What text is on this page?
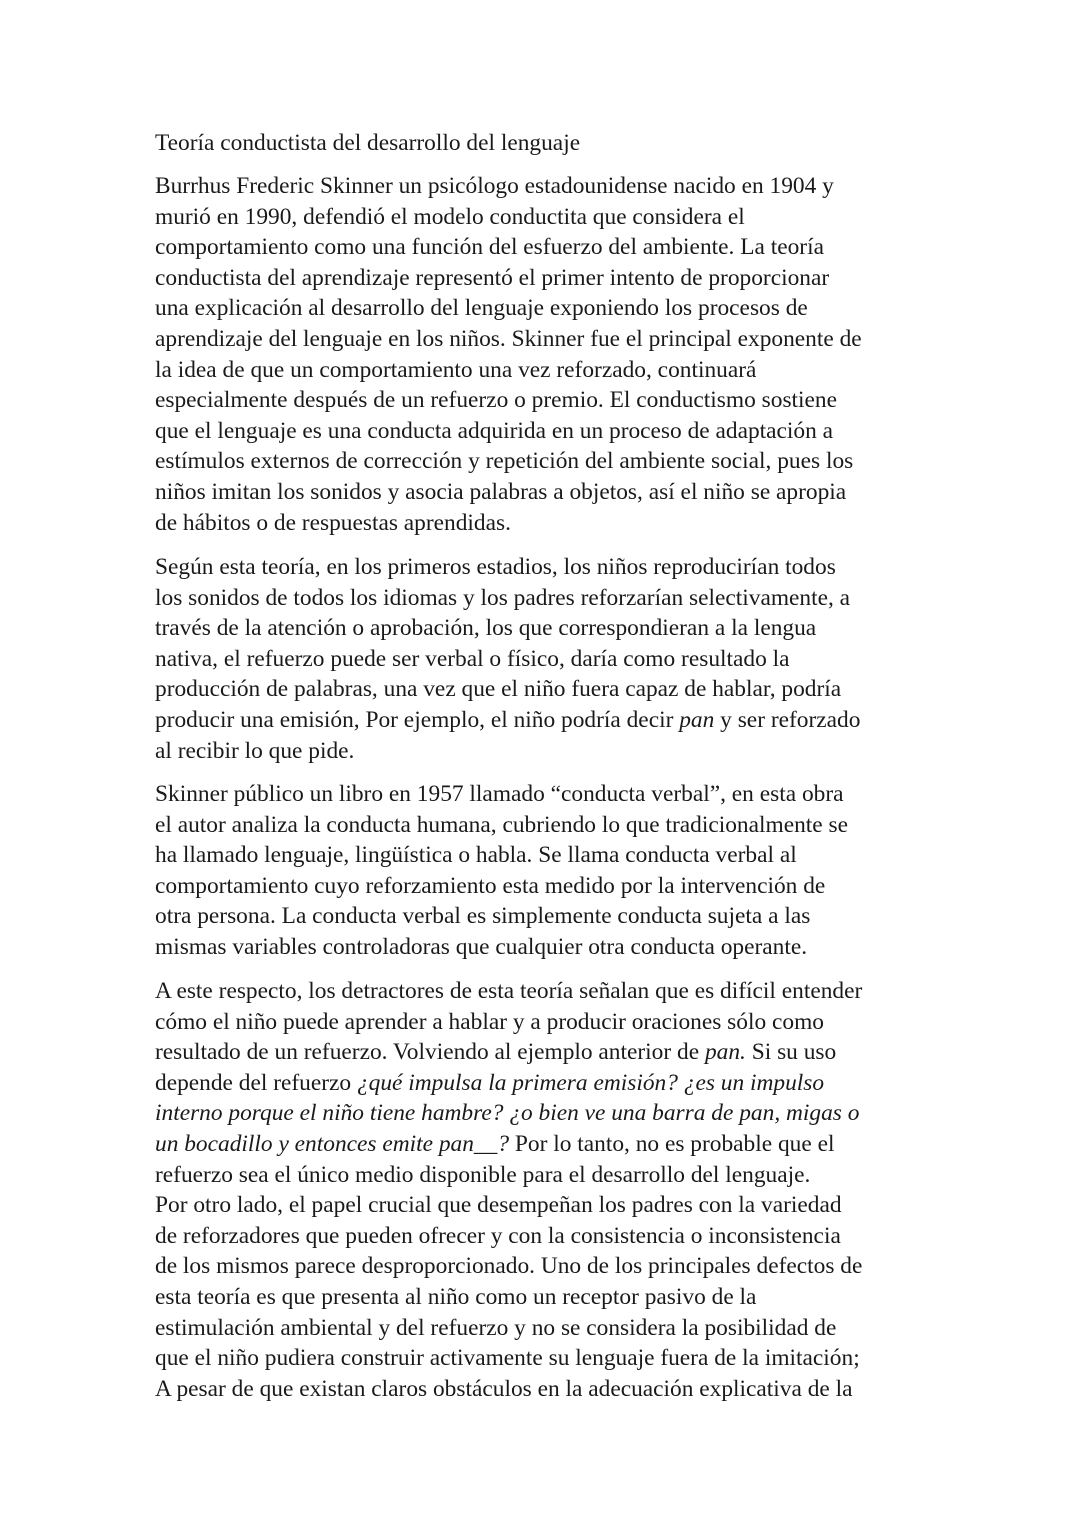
Teoría conductista del desarrollo del lenguaje
Burrhus Frederic Skinner un psicólogo estadounidense nacido en 1904 y
murió en 1990, defendió el modelo conductita que considera el
comportamiento como una función del esfuerzo del ambiente. La teoría
conductista del aprendizaje representó el primer intento de proporcionar
una explicación al desarrollo del lenguaje exponiendo los procesos de
aprendizaje del lenguaje en los niños. Skinner fue el principal exponente de
la idea de que un comportamiento una vez reforzado, continuará
especialmente después de un refuerzo o premio. El conductismo sostiene
que el lenguaje es una conducta adquirida en un proceso de adaptación a
estímulos externos de corrección y repetición del ambiente social, pues los
niños imitan los sonidos y asocia palabras a objetos, así el niño se apropia
de hábitos o de respuestas aprendidas.
Según esta teoría, en los primeros estadios, los niños reproducirían todos
los sonidos de todos los idiomas y los padres reforzarían selectivamente, a
través de la atención o aprobación, los que correspondieran a la lengua
nativa, el refuerzo puede ser verbal o físico, daría como resultado la
producción de palabras, una vez que el niño fuera capaz de hablar, podría
producir una emisión, Por ejemplo, el niño podría decir pan y ser reforzado
al recibir lo que pide.
Skinner público un libro en 1957 llamado “conducta verbal”, en esta obra
el autor analiza la conducta humana, cubriendo lo que tradicionalmente se
ha llamado lenguaje, lingüística o habla. Se llama conducta verbal al
comportamiento cuyo reforzamiento esta medido por la intervención de
otra persona. La conducta verbal es simplemente conducta sujeta a las
mismas variables controladoras que cualquier otra conducta operante.
A este respecto, los detractores de esta teoría señalan que es difícil entender
cómo el niño puede aprender a hablar y a producir oraciones sólo como
resultado de un refuerzo. Volviendo al ejemplo anterior de pan. Si su uso
depende del refuerzo ¿qué impulsa la primera emisión? ¿es un impulso
interno porque el niño tiene hambre? ¿o bien ve una barra de pan, migas o
un bocadillo y entonces emite pan__? Por lo tanto, no es probable que el
refuerzo sea el único medio disponible para el desarrollo del lenguaje.
Por otro lado, el papel crucial que desempeñan los padres con la variedad
de reforzadores que pueden ofrecer y con la consistencia o inconsistencia
de los mismos parece desproporcionado. Uno de los principales defectos de
esta teoría es que presenta al niño como un receptor pasivo de la
estimulación ambiental y del refuerzo y no se considera la posibilidad de
que el niño pudiera construir activamente su lenguaje fuera de la imitación;
A pesar de que existan claros obstáculos en la adecuación explicativa de la
